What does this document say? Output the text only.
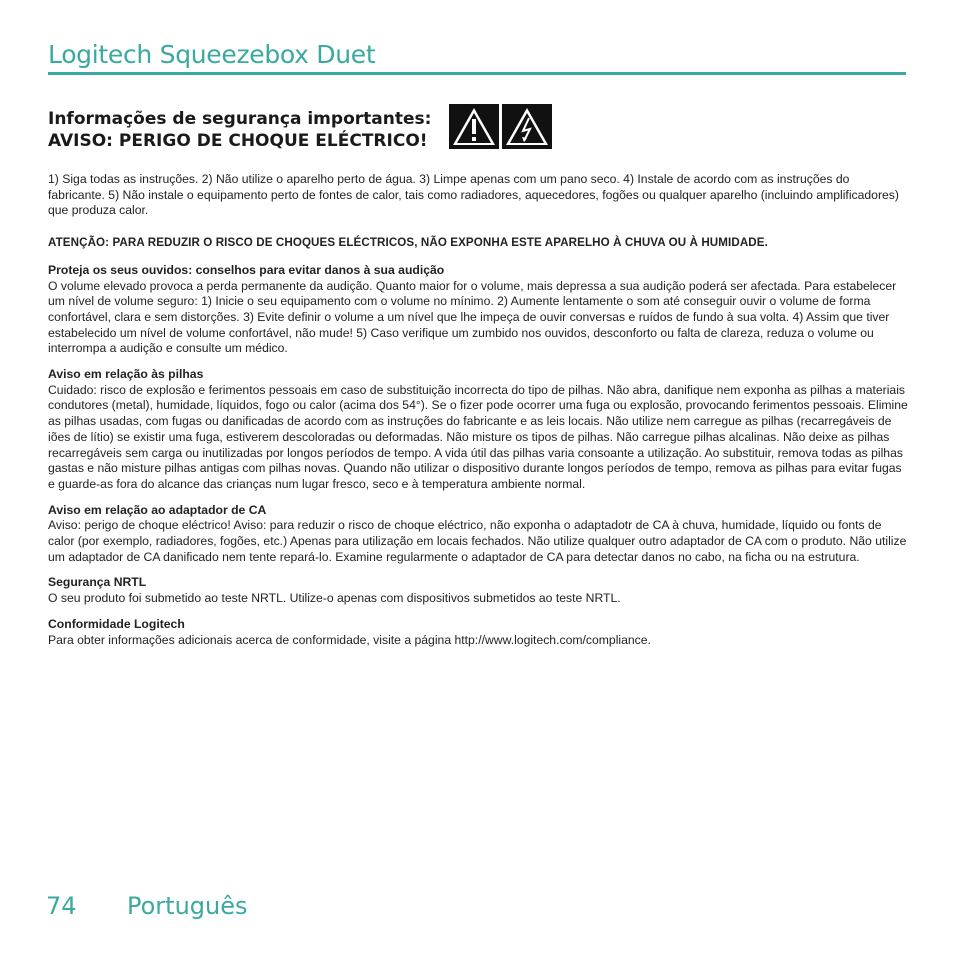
Logitech Squeezebox Duet
Informações de segurança importantes:
AVISO: PERIGO DE CHOQUE ELÉCTRICO!

1) Siga todas as instruções. 2) Não utilize o aparelho perto de água. 3) Limpe apenas com um pano seco. 4) Instale de acordo com as instruções do fabricante. 5) Não instale o equipamento perto de fontes de calor, tais como radiadores, aquecedores, fogões ou qualquer aparelho (incluindo amplificadores) que produza calor.

ATENÇÃO: PARA REDUZIR O RISCO DE CHOQUES ELÉCTRICOS, NÃO EXPONHA ESTE APARELHO À CHUVA OU À HUMIDADE.

Proteja os seus ouvidos: conselhos para evitar danos à sua audição
O volume elevado provoca a perda permanente da audição. Quanto maior for o volume, mais depressa a sua audição poderá ser afectada. Para estabelecer um nível de volume seguro: 1) Inicie o seu equipamento com o volume no mínimo. 2) Aumente lentamente o som até conseguir ouvir o volume de forma confortável, clara e sem distorções. 3) Evite definir o volume a um nível que lhe impeça de ouvir conversas e ruídos de fundo à sua volta. 4) Assim que tiver estabelecido um nível de volume confortável, não mude! 5) Caso verifique um zumbido nos ouvidos, desconforto ou falta de clareza, reduza o volume ou interrompa a audição e consulte um médico.
Aviso em relação às pilhas
Cuidado: risco de explosão e ferimentos pessoais em caso de substituição incorrecta do tipo de pilhas. Não abra, danifique nem exponha as pilhas a materiais condutores (metal), humidade, líquidos, fogo ou calor (acima dos 54°). Se o fizer pode ocorrer uma fuga ou explosão, provocando ferimentos pessoais. Elimine as pilhas usadas, com fugas ou danificadas de acordo com as instruções do fabricante e as leis locais. Não utilize nem carregue as pilhas (recarregáveis de iões de lítio) se existir uma fuga, estiverem descoloradas ou deformadas. Não misture os tipos de pilhas. Não carregue pilhas alcalinas. Não deixe as pilhas recarregáveis sem carga ou inutilizadas por longos períodos de tempo. A vida útil das pilhas varia consoante a utilização. Ao substituir, remova todas as pilhas gastas e não misture pilhas antigas com pilhas novas. Quando não utilizar o dispositivo durante longos períodos de tempo, remova as pilhas para evitar fugas e guarde-as fora do alcance das crianças num lugar fresco, seco e à temperatura ambiente normal.
Aviso em relação ao adaptador de CA
Aviso: perigo de choque eléctrico! Aviso: para reduzir o risco de choque eléctrico, não exponha o adaptadotr de CA à chuva, humidade, líquido ou fonts de calor (por exemplo, radiadores, fogões, etc.) Apenas para utilização em locais fechados. Não utilize qualquer outro adaptador de CA com o produto. Não utilize um adaptador de CA danificado nem tente repará-lo. Examine regularmente o adaptador de CA para detectar danos no cabo, na ficha ou na estrutura.
Segurança NRTL
O seu produto foi submetido ao teste NRTL. Utilize-o apenas com dispositivos submetidos ao teste NRTL.
Conformidade Logitech
Para obter informações adicionais acerca de conformidade, visite a página http://www.logitech.com/compliance.
74 Português
